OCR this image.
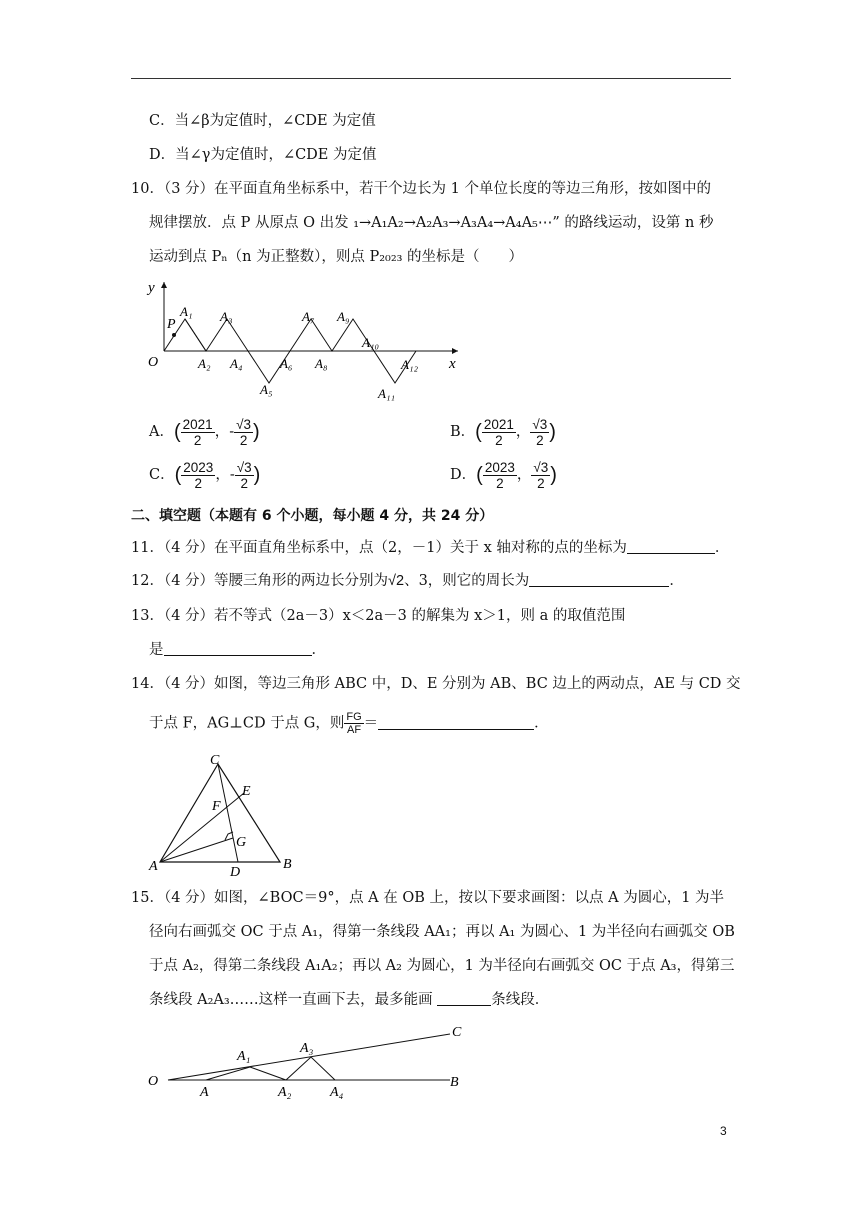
C．当∠β为定值时，∠CDE 为定值
D．当∠γ为定值时，∠CDE 为定值
10．（3 分）在平面直角坐标系中，若干个边长为 1 个单位长度的等边三角形，按如图中的
规律摆放．点 P 从原点 O 出发 ₁→A₁A₂→A₂A₃→A₃A₄→A₄A₅⋯” 的路线运动，设第 n 秒
运动到点 Pₙ（n 为正整数），则点 P₂₀₂₃ 的坐标是（　　）
y
x
O
P
A₁
A₂
A₃
A₄
A₅
A₆
A₇
A₈
A₉
A₁₀
A₁₁
A₁₂
A．( $\frac{2021}{2}$ ，- $\frac{√3}{2}$ )	B．( $\frac{2021}{2}$ ， $\frac{√3}{2}$ )
C．( $\frac{2023}{2}$ ，- $\frac{√3}{2}$ )	D．( $\frac{2023}{2}$ ， $\frac{√3}{2}$ )
二、填空题（本题有 6 个小题，每小题 4 分，共 24 分）
11．（4 分）在平面直角坐标系中，点（2，－1）关于 x 轴对称的点的坐标为	．
12．（4 分）等腰三角形的两边长分别为√2、3，则它的周长为	．
13．（4 分）若不等式（2a－3）x＜2a－3 的解集为 x＞1，则 a 的取值范围
是	．
14．（4 分）如图，等边三角形 ABC 中，D、E 分别为 AB、BC 边上的两动点，AE 与 CD 交
于点 F，AG⊥CD 于点 G，则 $\frac{FG}{AF}$ ＝	．
A	B
C
D
E
F
G
15．（4 分）如图，∠BOC＝9°，点 A 在 OB 上，按以下要求画图：以点 A 为圆心，1 为半
径向右画弧交 OC 于点 A₁，得第一条线段 AA₁；再以 A₁ 为圆心、1 为半径向右画弧交 OB
于点 A₂，得第二条线段 A₁A₂；再以 A₂ 为圆心，1 为半径向右画弧交 OC 于点 A₃，得第三
条线段 A₂A₃……这样一直画下去，最多能画	条线段．
O
A
A₁
A₂
A₃
A₄
B
C
3
